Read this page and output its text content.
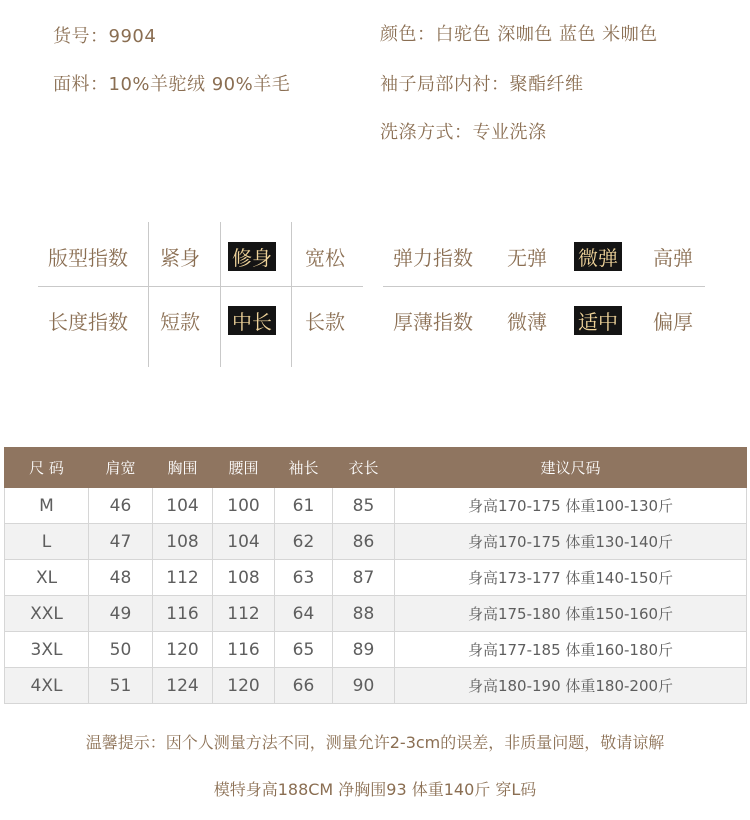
货号：9904
面料：10%羊驼绒 90%羊毛
颜色：白驼色 深咖色 蓝色 米咖色
袖子局部内衬：聚酯纤维
洗涤方式：专业洗涤
版型指数 紧身 修身 宽松
长度指数 短款 中长 长款
弹力指数 无弹 微弹 高弹
厚薄指数 微薄 适中 偏厚
尺 码	肩宽	胸围	腰围	袖长	衣长	建议尺码
M	46	104	100	61	85	身高170-175 体重100-130斤
L	47	108	104	62	86	身高170-175 体重130-140斤
XL	48	112	108	63	87	身高173-177 体重140-150斤
XXL	49	116	112	64	88	身高175-180 体重150-160斤
3XL	50	120	116	65	89	身高177-185 体重160-180斤
4XL	51	124	120	66	90	身高180-190 体重180-200斤
温馨提示：因个人测量方法不同，测量允许2-3cm的误差，非质量问题，敬请谅解
模特身高188CM 净胸围93 体重140斤 穿L码
